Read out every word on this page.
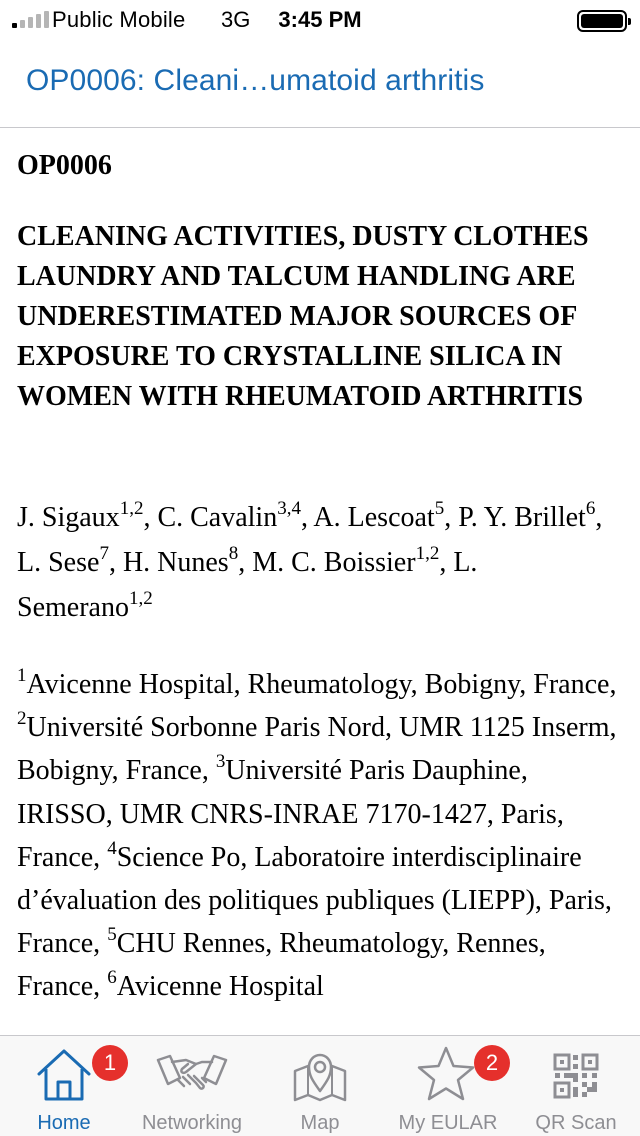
Public Mobile 3G	3:45 PM
OP0006: Cleani…umatoid arthritis
OP0006
CLEANING ACTIVITIES, DUSTY CLOTHES LAUNDRY AND TALCUM HANDLING ARE UNDERESTIMATED MAJOR SOURCES OF EXPOSURE TO CRYSTALLINE SILICA IN WOMEN WITH RHEUMATOID ARTHRITIS
J. Sigaux$^{1,2}$, C. Cavalin$^{3,4}$, A. Lescoat$^5$, P. Y. Brillet$^6$, L. Sese$^7$, H. Nunes$^8$, M. C. Boissier$^{1,2}$, L. Semerano$^{1,2}$
$^1$Avicenne Hospital, Rheumatology, Bobigny, France, $^2$Université Sorbonne Paris Nord, UMR 1125 Inserm, Bobigny, France, $^3$Université Paris Dauphine, IRISSO, UMR CNRS-INRAE 7170-1427, Paris, France, $^4$Science Po, Laboratoire interdisciplinaire d’évaluation des politiques publiques (LIEPP), Paris, France, $^5$CHU Rennes, Rheumatology, Rennes, France, $^6$Avicenne Hospital
1
Home	Networking	Map
2
My EULAR	QR Scan
